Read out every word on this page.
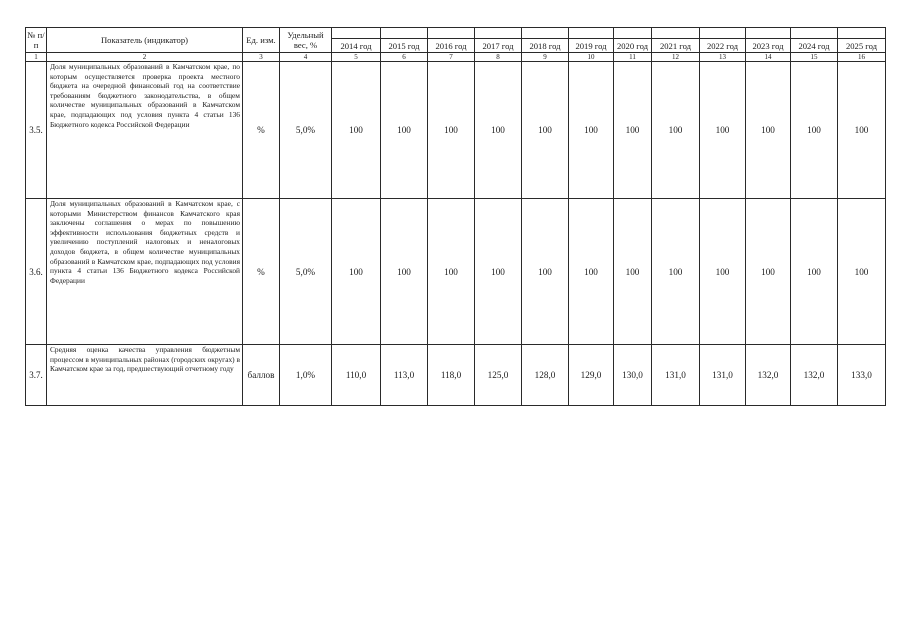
№ п/п	Показатель (индикатор)	Ед. изм.	Удельный вес, %												
				2014 год	2015 год	2016 год	2017 год	2018 год	2019 год	2020 год	2021 год	2022 год	2023 год	2024 год	2025 год
1	2	3	4	5	6	7	8	9	10	11	12	13	14	15	16
3.5.	Доля муниципальных образований в Камчатском крае, по которым осуществляется проверка проекта местного бюджета на очередной финансовый год на соответствие требованиям бюджетного законодательства, в общем количестве муниципальных образований в Камчатском крае, подпадающих под условия пункта 4 статьи 136 Бюджетного кодекса Российской Федерации	%	5,0%	100	100	100	100	100	100	100	100	100	100	100	100
3.6.	Доля муниципальных образований в Камчатском крае, с которыми Министерством финансов Камчатского края заключены соглашения о мерах по повышению эффективности использования бюджетных средств и увеличению поступлений налоговых и неналоговых доходов бюджета, в общем количестве муниципальных образований в Камчатском крае, подпадающих под условия пункта 4 статьи 136 Бюджетного кодекса Российской Федерации	%	5,0%	100	100	100	100	100	100	100	100	100	100	100	100
3.7.	Средняя оценка качества управления бюджетным процессом в муниципальных районах (городских округах) в Камчатском крае за год, предшествующий отчетному году	баллов	1,0%	110,0	113,0	118,0	125,0	128,0	129,0	130,0	131,0	131,0	132,0	132,0	133,0
